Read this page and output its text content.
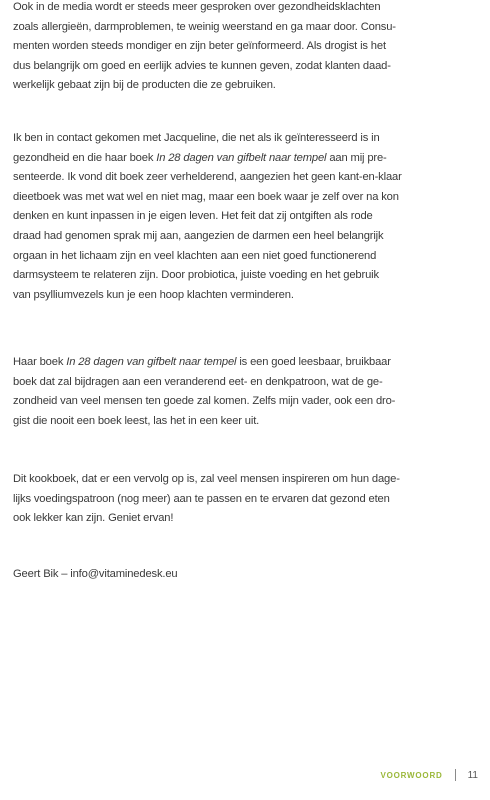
Ook in de media wordt er steeds meer gesproken over gezondheidsklachten
zoals allergieën, darmproblemen, te weinig weerstand en ga maar door. Consu-
menten worden steeds mondiger en zijn beter geïnformeerd. Als drogist is het
dus belangrijk om goed en eerlijk advies te kunnen geven, zodat klanten daad-
werkelijk gebaat zijn bij de producten die ze gebruiken.
Ik ben in contact gekomen met Jacqueline, die net als ik geïnteresseerd is in
gezondheid en die haar boek In 28 dagen van gifbelt naar tempel aan mij pre-
senteerde. Ik vond dit boek zeer verhelderend, aangezien het geen kant-en-klaar
dieetboek was met wat wel en niet mag, maar een boek waar je zelf over na kon
denken en kunt inpassen in je eigen leven. Het feit dat zij ontgiften als rode
draad had genomen sprak mij aan, aangezien de darmen een heel belangrijk
orgaan in het lichaam zijn en veel klachten aan een niet goed functionerend
darmsysteem te relateren zijn. Door probiotica, juiste voeding en het gebruik
van psylliumvezels kun je een hoop klachten verminderen.
Haar boek In 28 dagen van gifbelt naar tempel is een goed leesbaar, bruikbaar
boek dat zal bijdragen aan een veranderend eet- en denkpatroon, wat de ge-
zondheid van veel mensen ten goede zal komen. Zelfs mijn vader, ook een dro-
gist die nooit een boek leest, las het in een keer uit.
Dit kookboek, dat er een vervolg op is, zal veel mensen inspireren om hun dage-
lijks voedingspatroon (nog meer) aan te passen en te ervaren dat gezond eten
ook lekker kan zijn. Geniet ervan!
Geert Bik – info@vitaminedesk.eu
VOORWOORD	11
